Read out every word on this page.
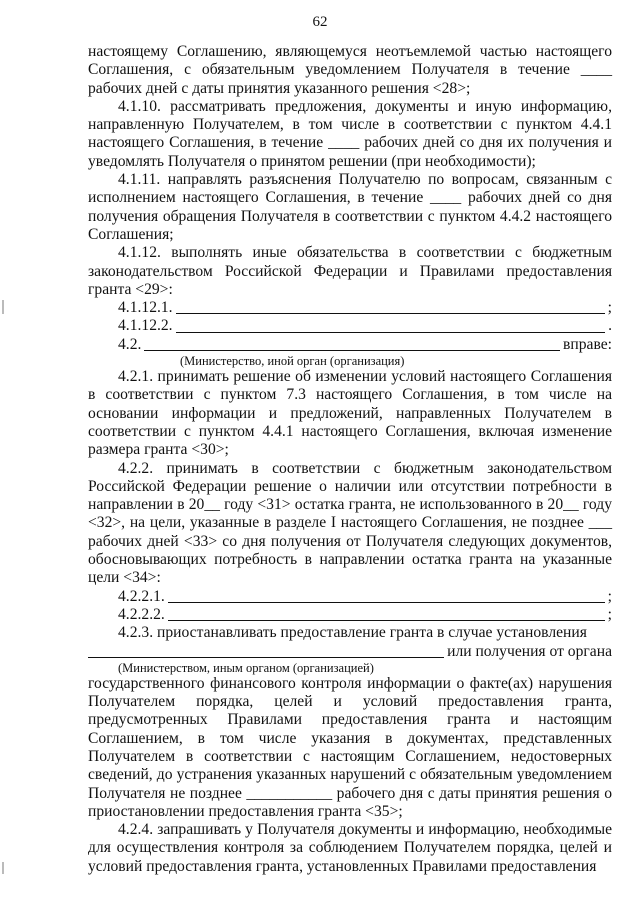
62

настоящему Соглашению, являющемуся неотъемлемой частью настоящего Соглашения, с обязательным уведомлением Получателя в течение ____ рабочих дней с даты принятия указанного решения <28>;

4.1.10. рассматривать предложения, документы и иную информацию, направленную Получателем, в том числе в соответствии с пунктом 4.4.1 настоящего Соглашения, в течение ____ рабочих дней со дня их получения и уведомлять Получателя о принятом решении (при необходимости);

4.1.11. направлять разъяснения Получателю по вопросам, связанным с исполнением настоящего Соглашения, в течение ____ рабочих дней со дня получения обращения Получателя в соответствии с пунктом 4.4.2 настоящего Соглашения;

4.1.12. выполнять иные обязательства в соответствии с бюджетным законодательством Российской Федерации и Правилами предоставления гранта <29>:

4.1.12.1.	;
4.1.12.2.	.
4.2.	вправе:

(Министерство, иной орган (организация)

4.2.1. принимать решение об изменении условий настоящего Соглашения в соответствии с пунктом 7.3 настоящего Соглашения, в том числе на основании информации и предложений, направленных Получателем в соответствии с пунктом 4.4.1 настоящего Соглашения, включая изменение размера гранта <30>;

4.2.2. принимать в соответствии с бюджетным законодательством Российской Федерации решение о наличии или отсутствии потребности в направлении в 20__ году <31> остатка гранта, не использованного в 20__ году <32>, на цели, указанные в разделе I настоящего Соглашения, не позднее ___ рабочих дней <33> со дня получения от Получателя следующих документов, обосновывающих потребность в направлении остатка гранта на указанные цели <34>:

4.2.2.1.	;
4.2.2.2.	;

4.2.3. приостанавливать предоставление гранта в случае установления

или получения от органа

(Министерством, иным органом (организацией)

государственного финансового контроля информации о факте(ах) нарушения Получателем порядка, целей и условий предоставления гранта, предусмотренных Правилами предоставления гранта и настоящим Соглашением, в том числе указания в документах, представленных Получателем в соответствии с настоящим Соглашением, недостоверных сведений, до устранения указанных нарушений с обязательным уведомлением Получателя не позднее ___________ рабочего дня с даты принятия решения о приостановлении предоставления гранта <35>;

4.2.4. запрашивать у Получателя документы и информацию, необходимые для осуществления контроля за соблюдением Получателем порядка, целей и условий предоставления гранта, установленных Правилами предоставления
